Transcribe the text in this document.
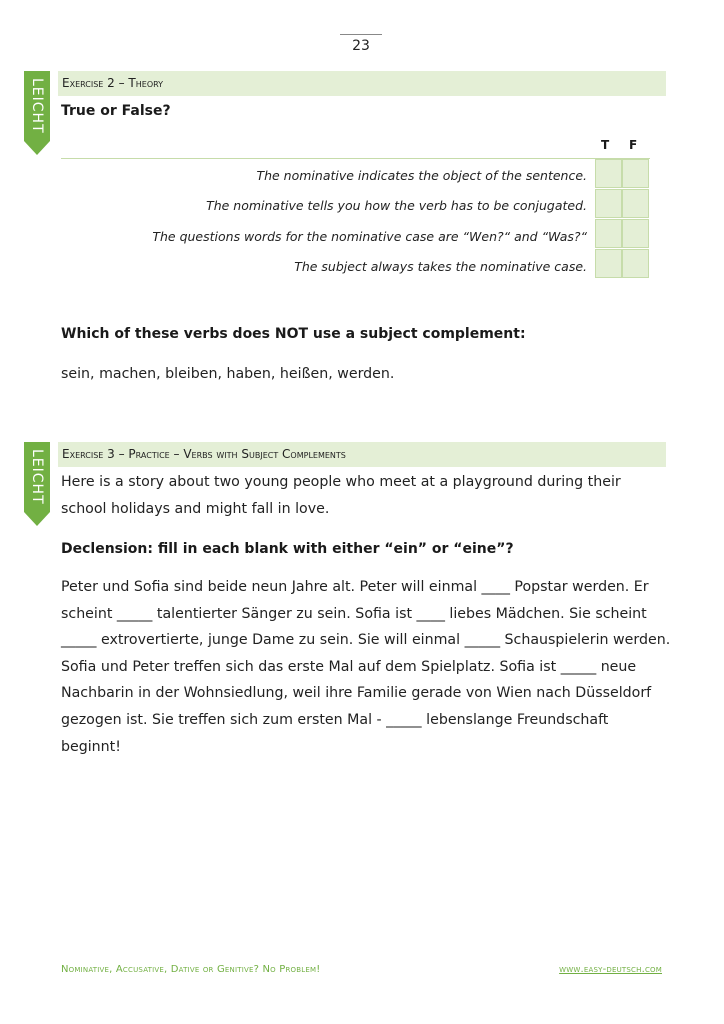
23
LEICHT	Exercise 2 – Theory
True or False?
T F
The nominative indicates the object of the sentence.
The nominative tells you how the verb has to be conjugated.
The questions words for the nominative case are “Wen?“ and “Was?“
The subject always takes the nominative case.
Which of these verbs does NOT use a subject complement:
sein, machen, bleiben, haben, heißen, werden.
LEICHT	Exercise 3 – Practice – Verbs with Subject Complements
Here is a story about two young people who meet at a playground during their
school holidays and might fall in love.
Declension: fill in each blank with either “ein” or “eine”?

Peter und Sofia sind beide neun Jahre alt. Peter will einmal ____ Popstar werden. Er

scheint _____ talentierter Sänger zu sein. Sofia ist ____ liebes Mädchen. Sie scheint

_____ extrovertierte, junge Dame zu sein. Sie will einmal _____ Schauspielerin werden.

Sofia und Peter treffen sich das erste Mal auf dem Spielplatz. Sofia ist _____ neue

Nachbarin in der Wohnsiedlung, weil ihre Familie gerade von Wien nach Düsseldorf

gezogen ist. Sie treffen sich zum ersten Mal - _____ lebenslange Freundschaft

beginnt!

Nominative, Accusative, Dative or Genitive? No Problem!	www.easy-deutsch.com
